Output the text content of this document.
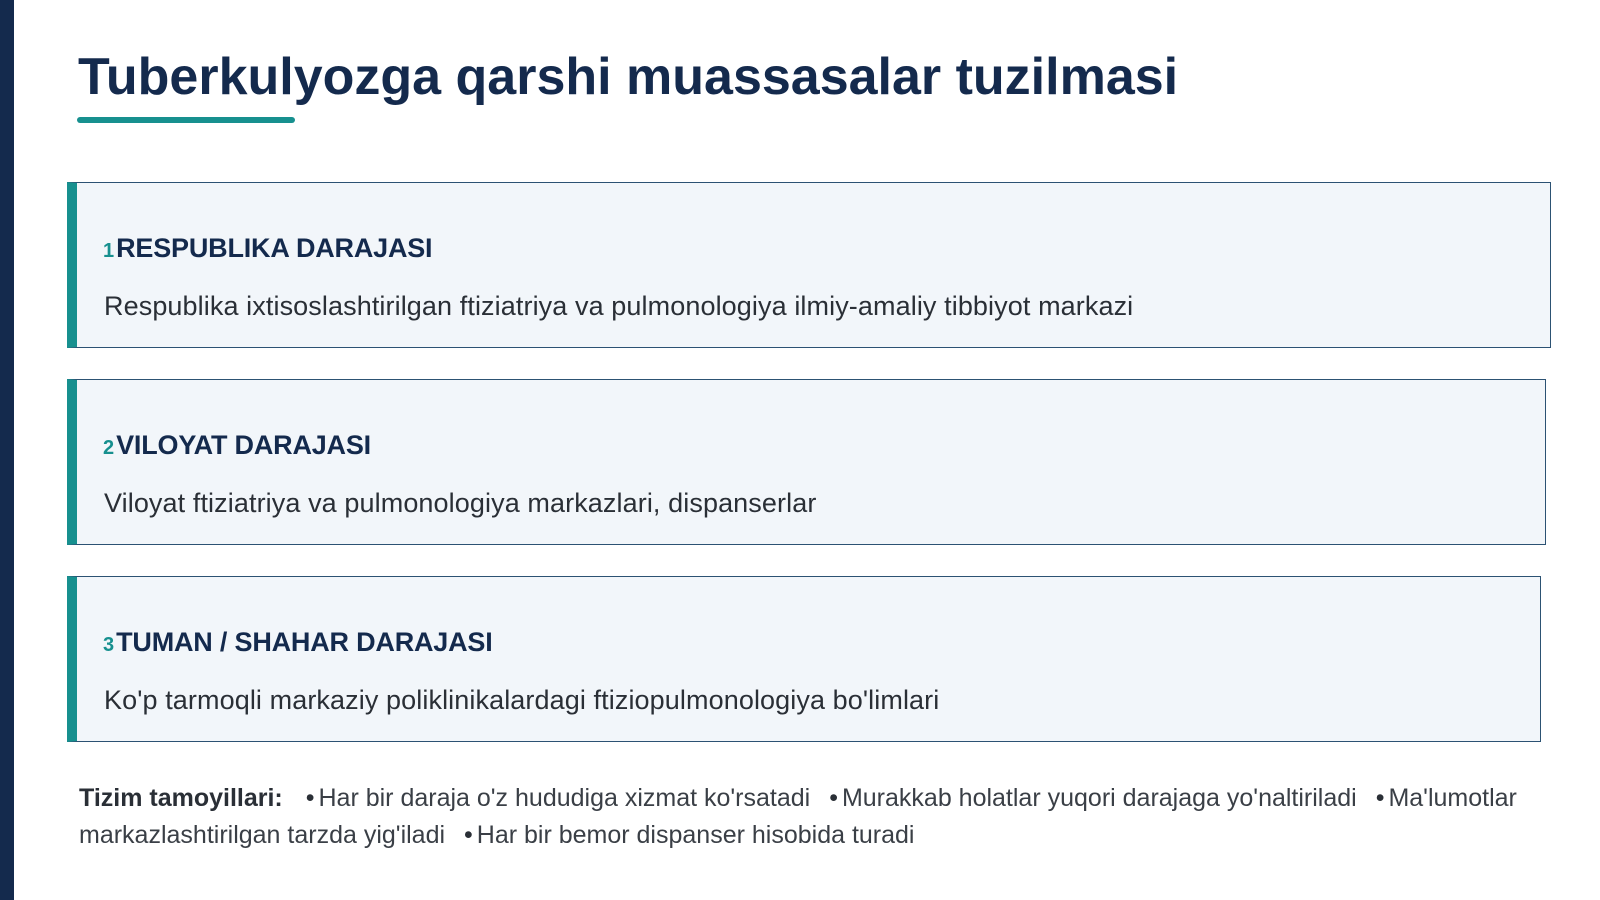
Tuberkulyozga qarshi muassasalar tuzilmasi
1RESPUBLIKA DARAJASI
Respublika ixtisoslashtirilgan ftiziatriya va pulmonologiya ilmiy-amaliy tibbiyot markazi
2VILOYAT DARAJASI
Viloyat ftiziatriya va pulmonologiya markazlari, dispanserlar
3TUMAN / SHAHAR DARAJASI
Ko'p tarmoqli markaziy poliklinikalardagi ftiziopulmonologiya bo'limlari
Tizim tamoyillari: • Har bir daraja o'z hududiga xizmat ko'rsatadi • Murakkab holatlar yuqori darajaga yo'naltiriladi • Ma'lumotlar markazlashtirilgan tarzda yig'iladi • Har bir bemor dispanser hisobida turadi
